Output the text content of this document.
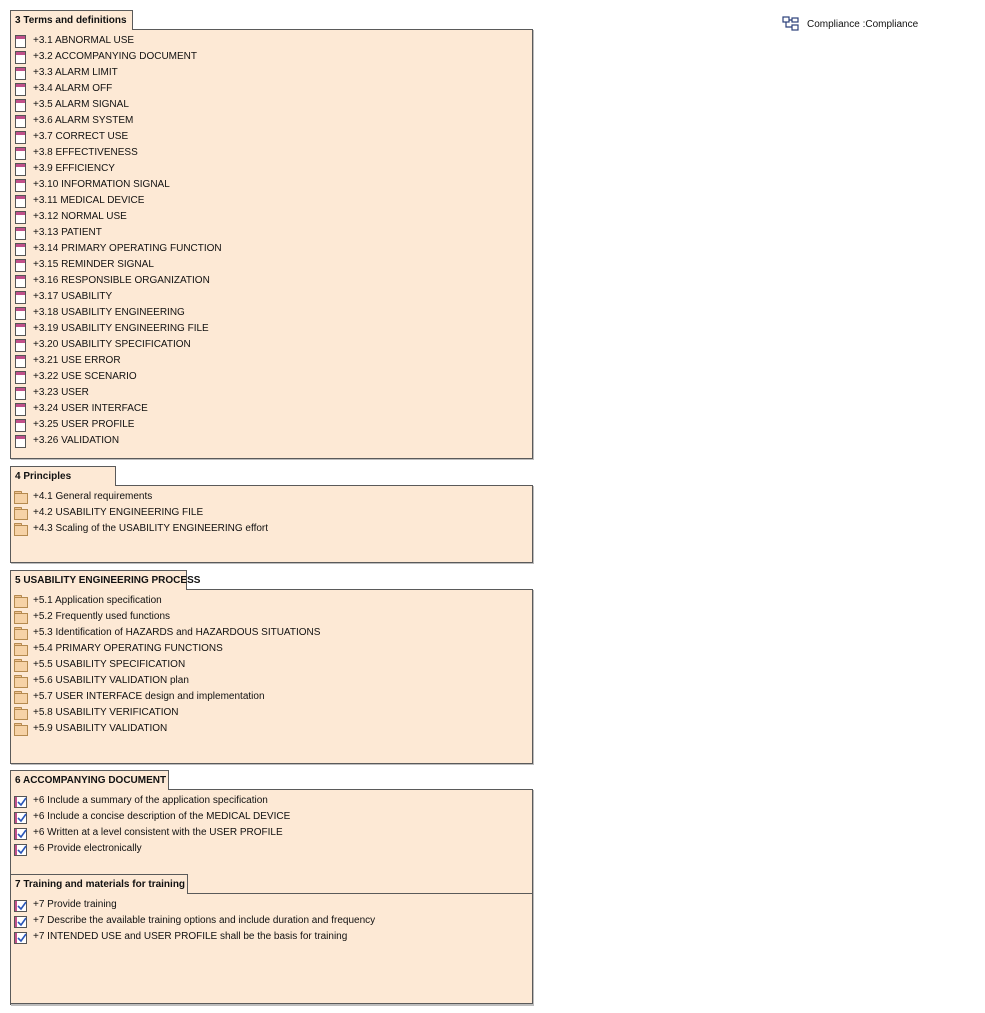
Compliance :Compliance
3 Terms and definitions
+3.1 ABNORMAL USE
+3.2 ACCOMPANYING DOCUMENT
+3.3 ALARM LIMIT
+3.4 ALARM OFF
+3.5 ALARM SIGNAL
+3.6 ALARM SYSTEM
+3.7 CORRECT USE
+3.8 EFFECTIVENESS
+3.9 EFFICIENCY
+3.10 INFORMATION SIGNAL
+3.11 MEDICAL DEVICE
+3.12 NORMAL USE
+3.13 PATIENT
+3.14 PRIMARY OPERATING FUNCTION
+3.15 REMINDER SIGNAL
+3.16 RESPONSIBLE ORGANIZATION
+3.17 USABILITY
+3.18 USABILITY ENGINEERING
+3.19 USABILITY ENGINEERING FILE
+3.20 USABILITY SPECIFICATION
+3.21 USE ERROR
+3.22 USE SCENARIO
+3.23 USER
+3.24 USER INTERFACE
+3.25 USER PROFILE
+3.26 VALIDATION
4 Principles
+4.1 General requirements
+4.2 USABILITY ENGINEERING FILE
+4.3 Scaling of the USABILITY ENGINEERING effort
5 USABILITY ENGINEERING PROCESS
+5.1 Application specification
+5.2 Frequently used functions
+5.3 Identification of HAZARDS and HAZARDOUS SITUATIONS
+5.4 PRIMARY OPERATING FUNCTIONS
+5.5 USABILITY SPECIFICATION
+5.6 USABILITY VALIDATION plan
+5.7 USER INTERFACE design and implementation
+5.8 USABILITY VERIFICATION
+5.9 USABILITY VALIDATION
6 ACCOMPANYING DOCUMENT
+6 Include a summary of the application specification
+6 Include a concise description of the MEDICAL DEVICE
+6 Written at a level consistent with the USER PROFILE
+6 Provide electronically
7 Training and materials for training
+7 Provide training
+7 Describe the available training options and include duration and frequency
+7 INTENDED USE and USER PROFILE shall be the basis for training
